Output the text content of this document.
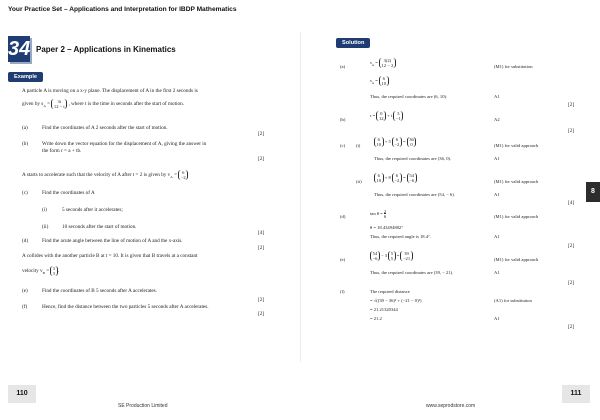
Your Practice Set – Applications and Interpretation for IBDP Mathematics
34 Paper 2 – Applications in Kinematics
Example
Solution
A particle A is moving on a x-y plane. The displacement of A in the first 2 seconds is
given by $s_A = 3t$
12 − t , where t is the time in seconds after the start of motion.
(a)	Find the coordinates of A 2 seconds after the start of motion.
[2]
(b)	Write down the vector equation for the displacement of A, giving the answer in
the form r = a + tb.
[2]
A starts to accelerate such that the velocity of A after t = 2 is given by $v_A = 6$
−2
(c)	Find the coordinates of A
(i)	5 seconds after it accelerates;
(ii)	10 seconds after the start of motion.
[4]
(d)	Find the acute angle between the line of motion of A and the x-axis.
[2]
A collides with the another particle B at t = 10. It is given that B travels at a constant
velocity $v_B = 5$
5 .
(e)	Find the coordinates of B 5 seconds after A accelerates.
[2]
(f)	Hence, find the distance between the two particles 5 seconds after A accelerates.
[2]
(a)
$s_A = 3(2)$
12 − 2	(M1) for substitution
$s_A = 6$
10
Thus, the required coordinates are (6, 10).	A1
[2]
(b)
r = 0
12 + t 3
−1	A2
[2]
(c) (i)
6
10 + 5 6
−2 = 36
0	(M1) for valid approach
Thus, the required coordinates are (36, 0).	A1
(ii)
6
10 + 8 6
−2 = 54
−6	(M1) for valid approach
Thus, the required coordinates are (54, − 6).	A1
[4]
(d)
$\tan \theta = \frac{2}{6}$	(M1) for valid approach
θ = 18.43494882°
Thus, the required angle is 18.4°.	A1
[2]
(e)
54
−6 − 3 5
5 = 39
−21	(M1) for valid approach
Thus, the required coordinates are (39, − 21).	A1
[2]
(f)	The required distance
= √((39 − 36)² + (−21 − 0)²)	(A1) for substitution
= 21.21320344
= 21.2	A1
[2]
8
110	111
SE Production Limited	www.seprodstore.com
